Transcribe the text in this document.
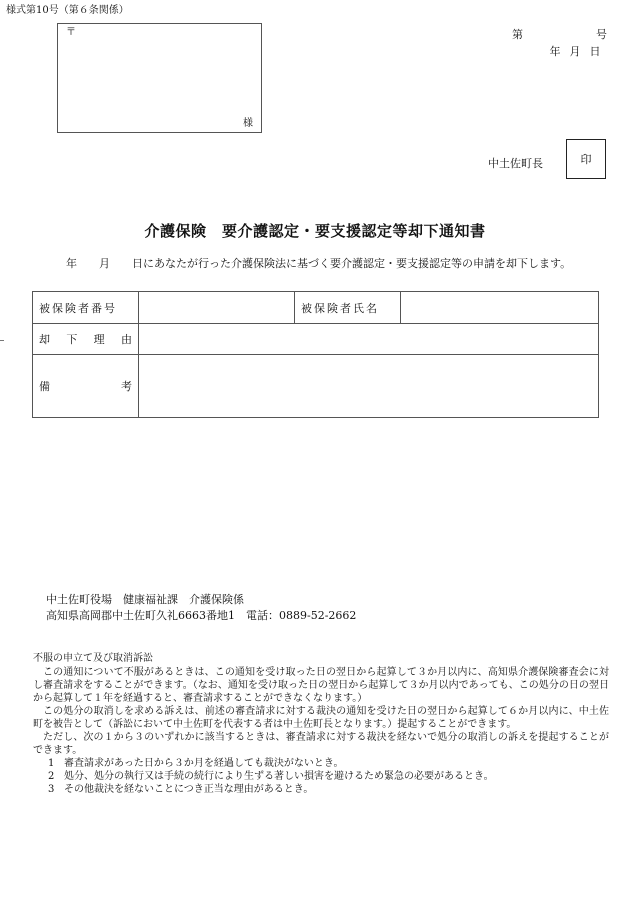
様式第10号（第６条関係）
〒
様
第	号
年 月 日
中土佐町長	印
介護保険　要介護認定・要支援認定等却下通知書
年 月 日にあなたが行った介護保険法に基づく要介護認定・要支援認定等の申請を却下します。
被保険者番号		被保険者氏名	

却 下 理 由			

備 考			

中土佐町役場　健康福祉課　介護保険係
高知県高岡郡中土佐町久礼6663番地1　電話：0889-52-2662

不服の申立て及び取消訴訟

この通知について不服があるときは、この通知を受け取った日の翌日から起算して３か月以内に、高知県介護保険審査会に対し審査請求をすることができます。（なお、通知を受け取った日の翌日から起算して３か月以内であっても、この処分の日の翌日から起算して１年を経過すると、審査請求することができなくなります。）

この処分の取消しを求める訴えは、前述の審査請求に対する裁決の通知を受けた日の翌日から起算して６か月以内に、中土佐町を被告として（訴訟において中土佐町を代表する者は中土佐町長となります。）提起することができます。

ただし、次の１から３のいずれかに該当するときは、審査請求に対する裁決を経ないで処分の取消しの訴えを提起することができます。

1 審査請求があった日から３か月を経過しても裁決がないとき。

2 処分、処分の執行又は手続の続行により生ずる著しい損害を避けるため緊急の必要があるとき。

3 その他裁決を経ないことにつき正当な理由があるとき。
